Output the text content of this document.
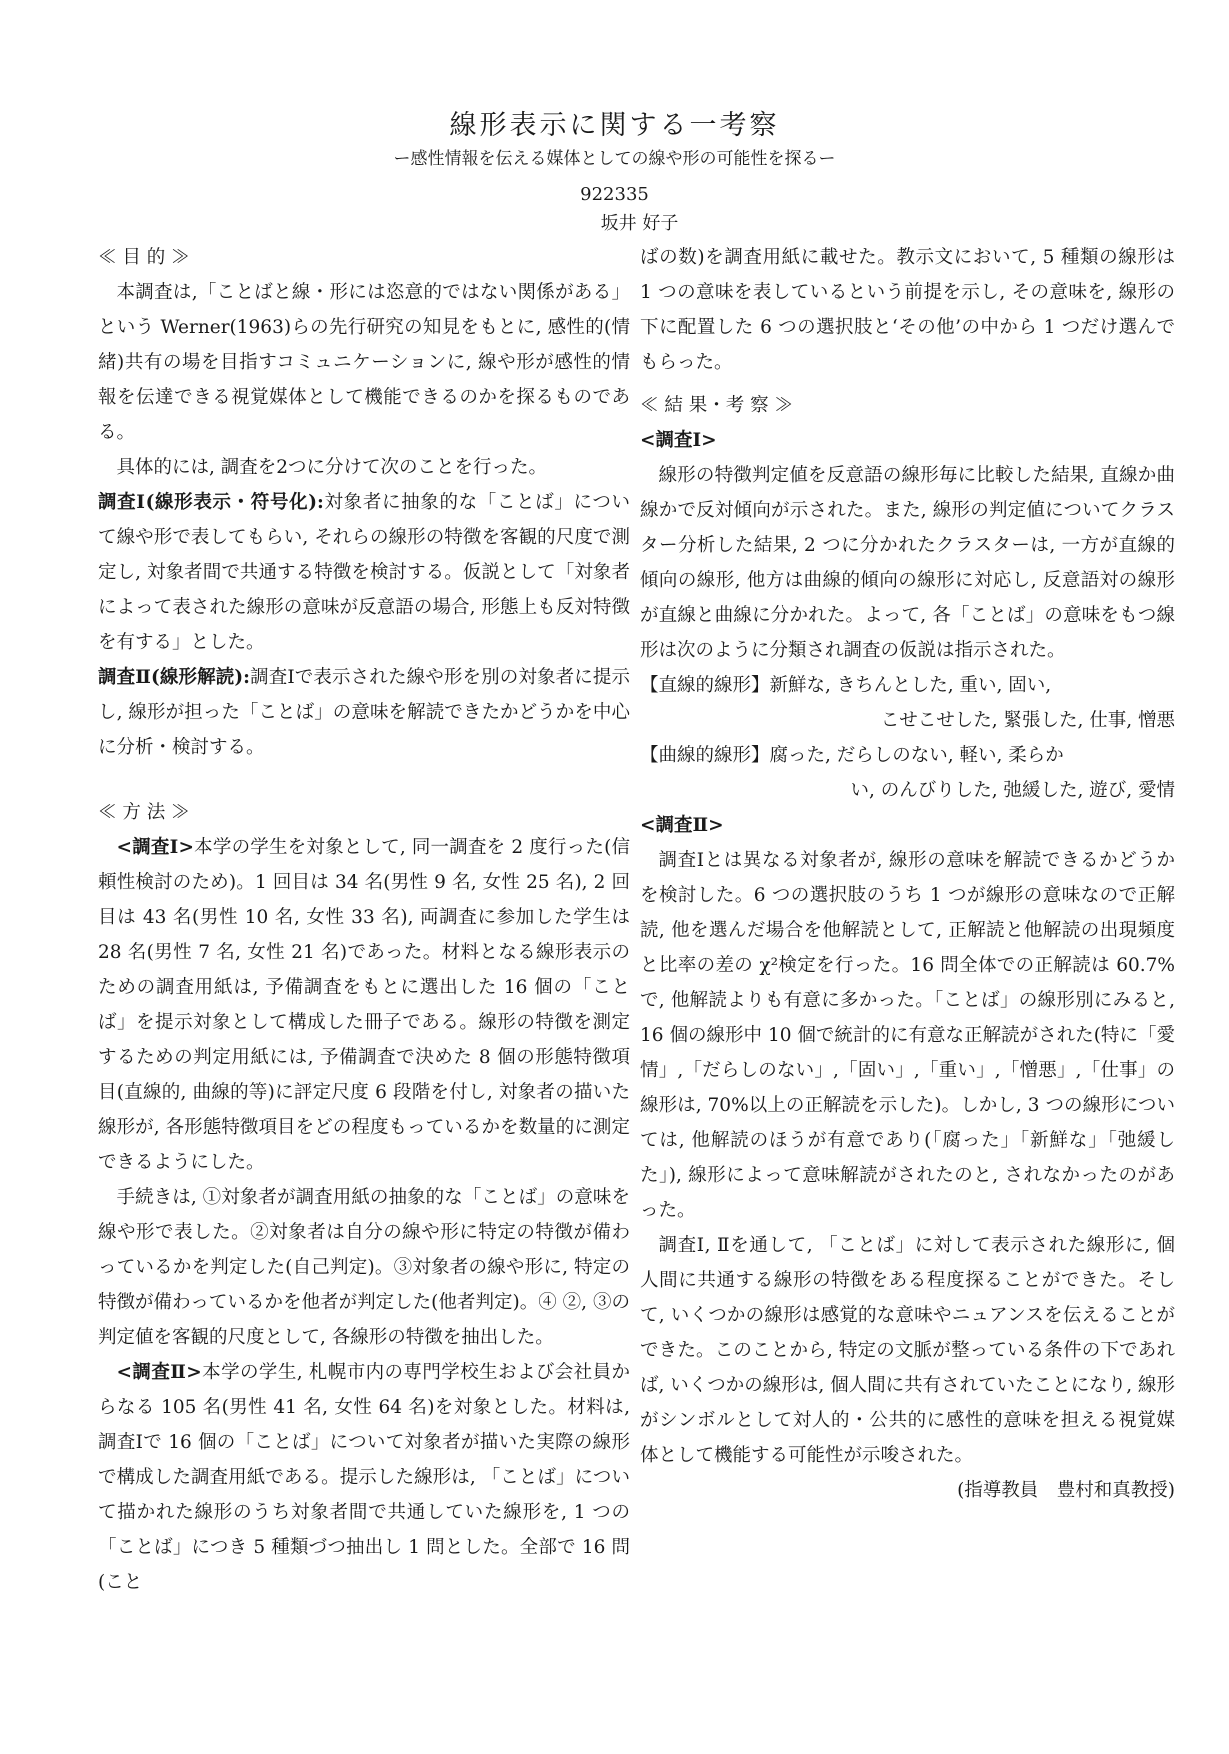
線形表示に関する一考察
ー感性情報を伝える媒体としての線や形の可能性を探るー
922335
坂井 好子

≪ 目 的 ≫

本調査は,「ことばと線・形には恣意的ではない関係がある」という Werner(1963)らの先行研究の知見をもとに, 感性的(情緒)共有の場を目指すコミュニケーションに, 線や形が感性的情報を伝達できる視覚媒体として機能できるのかを探るものである。

具体的には, 調査を2つに分けて次のことを行った。

調査Ⅰ(線形表示・符号化):対象者に抽象的な「ことば」について線や形で表してもらい, それらの線形の特徴を客観的尺度で測定し, 対象者間で共通する特徴を検討する。仮説として「対象者によって表された線形の意味が反意語の場合, 形態上も反対特徴を有する」とした。

調査Ⅱ(線形解読):調査Ⅰで表示された線や形を別の対象者に提示し, 線形が担った「ことば」の意味を解読できたかどうかを中心に分析・検討する。

≪ 方 法 ≫

<調査Ⅰ>本学の学生を対象として, 同一調査を 2 度行った(信頼性検討のため)。1 回目は 34 名(男性 9 名, 女性 25 名), 2 回目は 43 名(男性 10 名, 女性 33 名), 両調査に参加した学生は 28 名(男性 7 名, 女性 21 名)であった。材料となる線形表示のための調査用紙は, 予備調査をもとに選出した 16 個の「ことば」を提示対象として構成した冊子である。線形の特徴を測定するための判定用紙には, 予備調査で決めた 8 個の形態特徴項目(直線的, 曲線的等)に評定尺度 6 段階を付し, 対象者の描いた線形が, 各形態特徴項目をどの程度もっているかを数量的に測定できるようにした。

手続きは, ①対象者が調査用紙の抽象的な「ことば」の意味を線や形で表した。②対象者は自分の線や形に特定の特徴が備わっているかを判定した(自己判定)。③対象者の線や形に, 特定の特徴が備わっているかを他者が判定した(他者判定)。④ ②, ③の判定値を客観的尺度として, 各線形の特徴を抽出した。

<調査Ⅱ>本学の学生, 札幌市内の専門学校生および会社員からなる 105 名(男性 41 名, 女性 64 名)を対象とした。材料は, 調査Ⅰで 16 個の「ことば」について対象者が描いた実際の線形で構成した調査用紙である。提示した線形は, 「ことば」について描かれた線形のうち対象者間で共通していた線形を, 1 つの「ことば」につき 5 種類づつ抽出し 1 問とした。全部で 16 問(こと

ばの数)を調査用紙に載せた。教示文において, 5 種類の線形は 1 つの意味を表しているという前提を示し, その意味を, 線形の下に配置した 6 つの選択肢と‘その他’の中から 1 つだけ選んでもらった。

≪ 結 果・考 察 ≫

<調査Ⅰ>

線形の特徴判定値を反意語の線形毎に比較した結果, 直線か曲線かで反対傾向が示された。また, 線形の判定値についてクラスター分析した結果, 2 つに分かれたクラスターは, 一方が直線的傾向の線形, 他方は曲線的傾向の線形に対応し, 反意語対の線形が直線と曲線に分かれた。よって, 各「ことば」の意味をもつ線形は次のように分類され調査の仮説は指示された。

【直線的線形】新鮮な, きちんとした, 重い, 固い,

こせこせした, 緊張した, 仕事, 憎悪

【曲線的線形】腐った, だらしのない, 軽い, 柔らか

い, のんびりした, 弛緩した, 遊び, 愛情

<調査Ⅱ>

調査Ⅰとは異なる対象者が, 線形の意味を解読できるかどうかを検討した。6 つの選択肢のうち 1 つが線形の意味なので正解読, 他を選んだ場合を他解読として, 正解読と他解読の出現頻度と比率の差の χ²検定を行った。16 問全体での正解読は 60.7%で, 他解読よりも有意に多かった。「ことば」の線形別にみると, 16 個の線形中 10 個で統計的に有意な正解読がされた(特に「愛情」,「だらしのない」,「固い」,「重い」,「憎悪」,「仕事」の線形は, 70%以上の正解読を示した)。しかし, 3 つの線形については, 他解読のほうが有意であり(「腐った」「新鮮な」「弛緩した」), 線形によって意味解読がされたのと, されなかったのがあった。

調査Ⅰ, Ⅱを通して, 「ことば」に対して表示された線形に, 個人間に共通する線形の特徴をある程度探ることができた。そして, いくつかの線形は感覚的な意味やニュアンスを伝えることができた。このことから, 特定の文脈が整っている条件の下であれば, いくつかの線形は, 個人間に共有されていたことになり, 線形がシンボルとして対人的・公共的に感性的意味を担える視覚媒体として機能する可能性が示唆された。

(指導教員　豊村和真教授)
